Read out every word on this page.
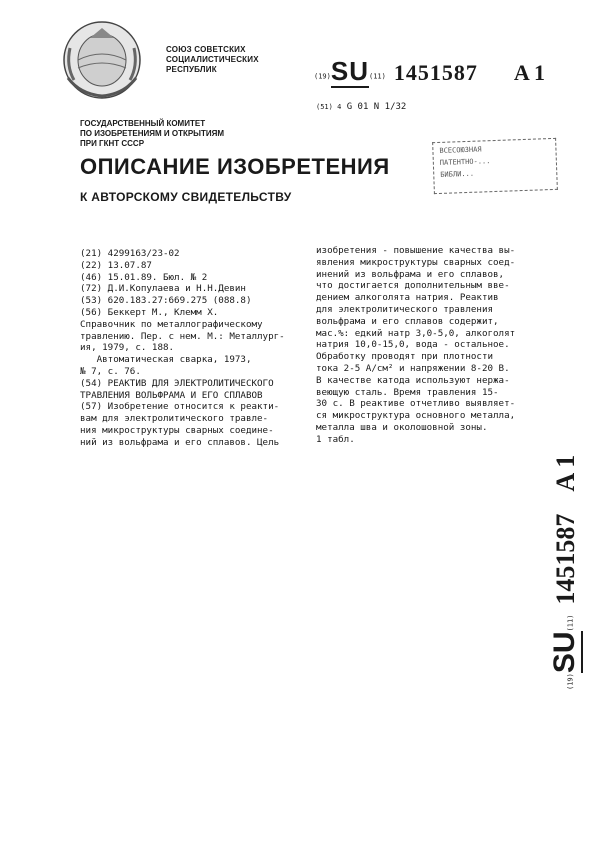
СОЮЗ СОВЕТСКИХ
СОЦИАЛИСТИЧЕСКИХ
РЕСПУБЛИК
(19)SU(11) 1451587 A 1
(51) 4 G 01 N 1/32
ГОСУДАРСТВЕННЫЙ КОМИТЕТ
ПО ИЗОБРЕТЕНИЯМ И ОТКРЫТИЯМ
ПРИ ГКНТ СССР
ВСЕСОЮЗНАЯ
ПАТЕНТНО-...
БИБЛИ...
ОПИСАНИЕ ИЗОБРЕТЕНИЯ
К АВТОРСКОМУ СВИДЕТЕЛЬСТВУ
(21) 4299163/23-02
(22) 13.07.87
(46) 15.01.89. Бюл. № 2
(72) Д.И.Копулаева и Н.Н.Девин
(53) 620.183.27:669.275 (088.8)
(56) Беккерт М., Клемм Х.
Справочник по металлографическому
травлению. Пер. с нем. М.: Металлург-
ия, 1979, с. 188.
Автоматическая сварка, 1973,
№ 7, с. 76.
(54) РЕАКТИВ ДЛЯ ЭЛЕКТРОЛИТИЧЕСКОГО
ТРАВЛЕНИЯ ВОЛЬФРАМА И ЕГО СПЛАВОВ
(57) Изобретение относится к реакти-
вам для электролитического травле-
ния микроструктуры сварных соедине-
ний из вольфрама и его сплавов. Цель
изобретения - повышение качества вы-
явления микроструктуры сварных соед-
инений из вольфрама и его сплавов,
что достигается дополнительным вве-
дением алкоголята натрия. Реактив
для электролитического травления
вольфрама и его сплавов содержит,
мас.%: едкий натр 3,0-5,0, алкоголят
натрия 10,0-15,0, вода - остальное.
Обработку проводят при плотности
тока 2-5 А/см² и напряжении 8-20 В.
В качестве катода используют нержа-
веющую сталь. Время травления 15-
30 с. В реактиве отчетливо выявляет-
ся микроструктура основного металла,
металла шва и околошовной зоны.
1 табл.
(19)SU(11)1451587A 1
